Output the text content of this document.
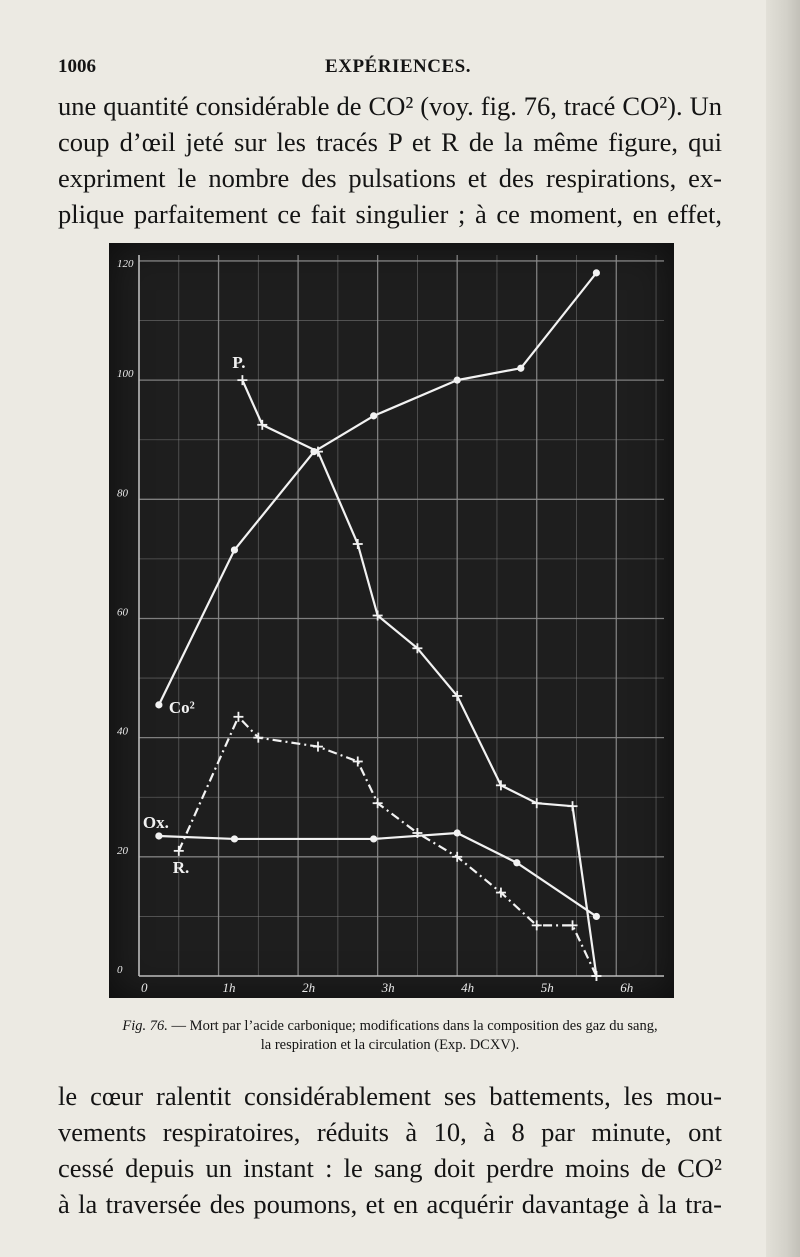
1006	EXPÉRIENCES.
une quantité considérable de CO² (voy. fig. 76, tracé CO²). Un
coup d’œil jeté sur les tracés P et R de la même figure, qui
expriment le nombre des pulsations et des respirations, ex-
plique parfaitement ce fait singulier ; à ce moment, en effet,
0
20
40
60
80
100
120
0	1h	2h	3h	4h	5h	6h
Co²
P.
R.
Ox.
Fig. 76. — Mort par l’acide carbonique; modifications dans la composition des gaz du sang,
la respiration et la circulation (Exp. DCXV).
le cœur ralentit considérablement ses battements, les mou-
vements respiratoires, réduits à 10, à 8 par minute, ont
cessé depuis un instant : le sang doit perdre moins de CO²
à la traversée des poumons, et en acquérir davantage à la tra-
